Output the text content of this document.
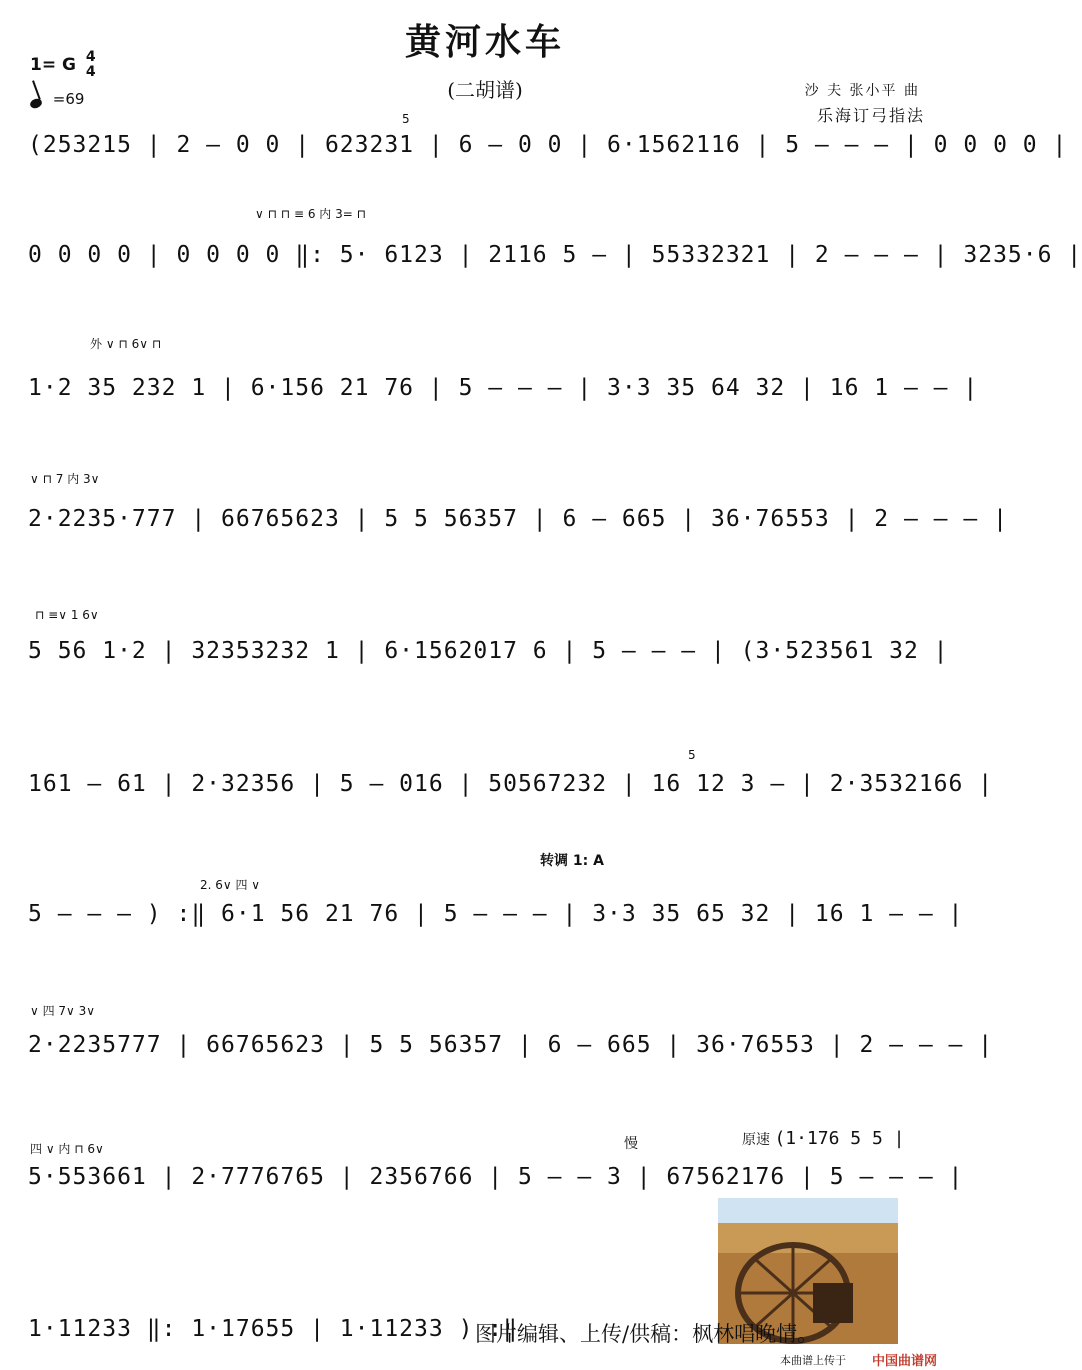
黄河水车
(二胡谱)
1= G 4
4
=69	沙 夫 张小平 曲
乐海订弓指法
(253215 | 2 — 0 0 | 623231 | 6 — 0 0 | 6·1562116 | 5 — — — | 0 0 0 0 |
5
0 0 0 0 | 0 0 0 0 ‖: 5· 6123 | 2116 5 — | 55332321 | 2 — — — | 3235·6 |
∨ ⊓ ⊓ ≡ 6 内 3= ⊓
1·2 35 232 1 | 6·156 21 76 | 5 — — — | 3·3 35 64 32 | 16 1 — — |
外 ∨ ⊓ 6∨ ⊓
2·2235·777 | 66765623 | 5 5 56357 | 6 — 665 | 36·76553 | 2 — — — |
∨ ⊓ 7 内 3∨
5 56 1·2 | 32353232 1 | 6·1562017 6 | 5 — — — | (3·523561 32 |
⊓ ≡∨ 1 6∨
161 — 61 | 2·32356 | 5 — 016 | 50567232 | 16 12 3 — | 2·3532166 |
5
转调 1: A
5 — — — ) :‖ 6·1 56 21 76 | 5 — — — | 3·3 35 65 32 | 16 1 — — |
2. 6∨ 四 ∨
2·2235777 | 66765623 | 5 5 56357 | 6 — 665 | 36·76553 | 2 — — — |
∨ 四 7∨ 3∨
慢	原速 (1·176 5 5 |
5·553661 | 2·7776765 | 2356766 | 5 — — 3 | 67562176 | 5 — — — |
四 ∨ 内 ⊓ 6∨
1·11233 ‖: 1·17655 | 1·11233 ) :‖
图片编辑、上传/供稿：枫林唱晚情。
本曲谱上传于 中国曲谱网
